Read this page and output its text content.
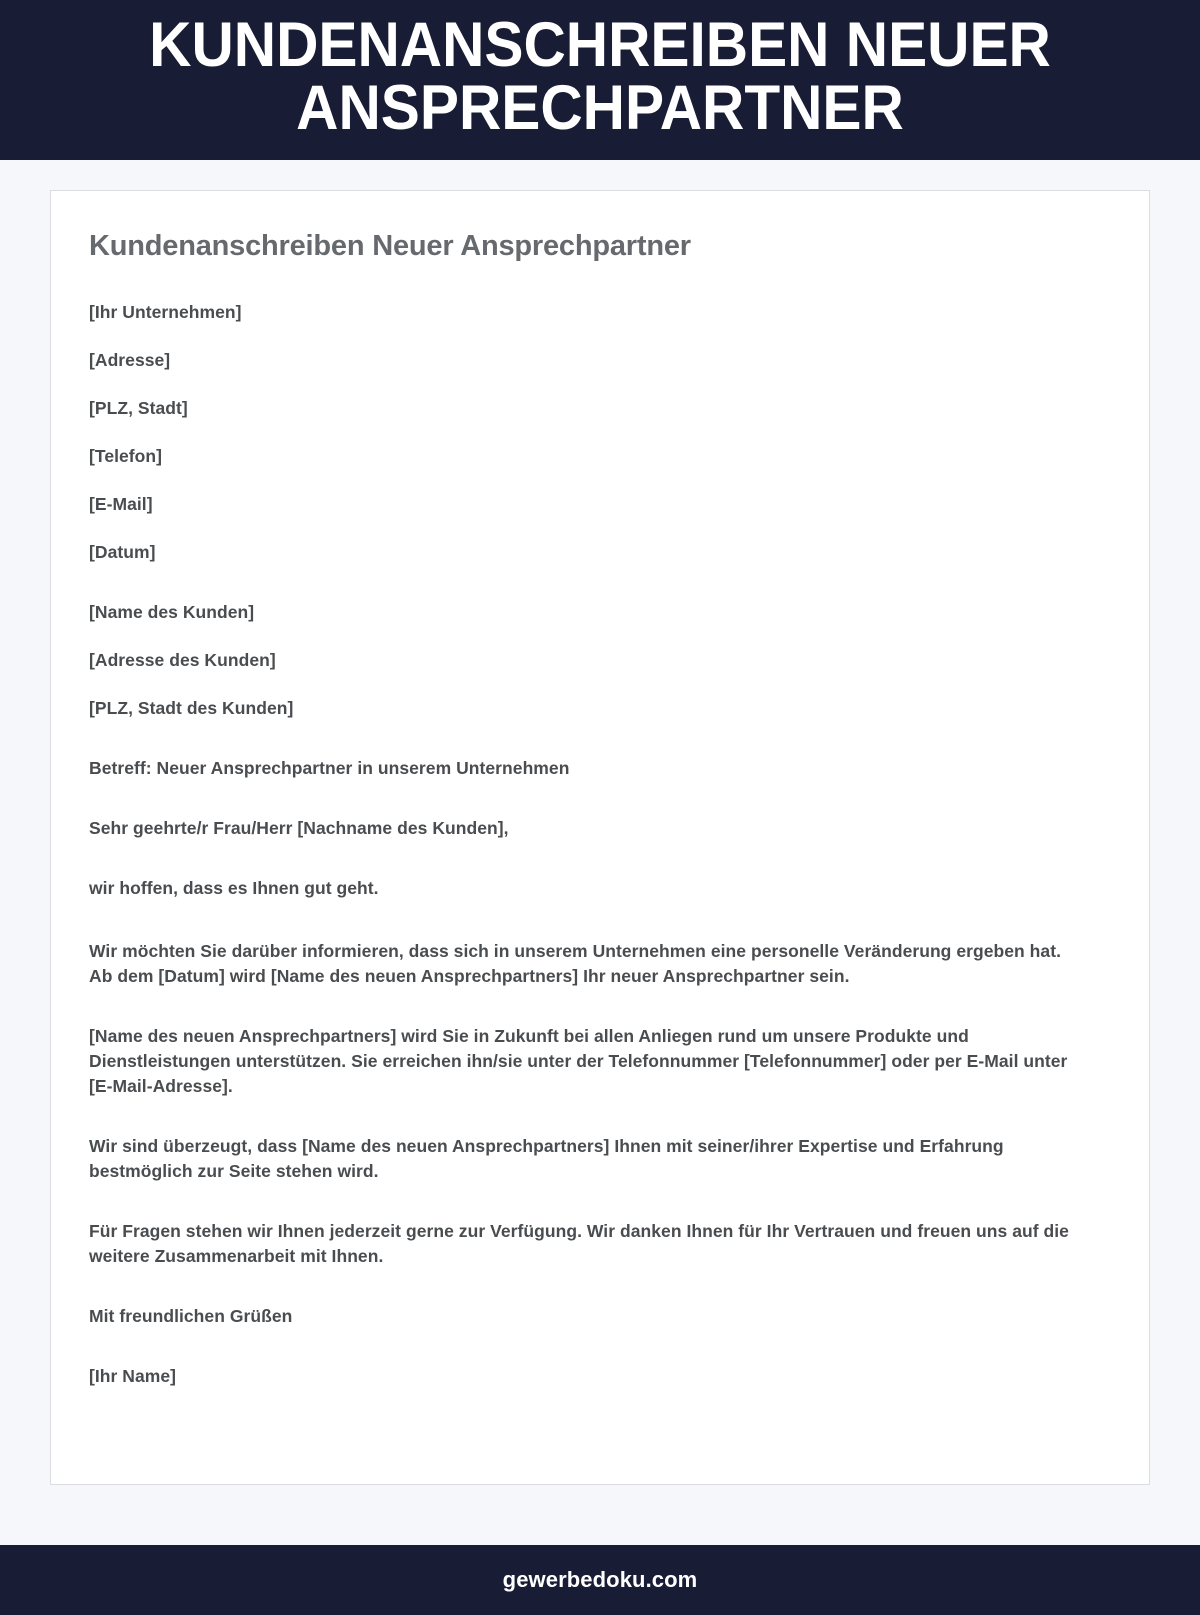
KUNDENANSCHREIBEN NEUER ANSPRECHPARTNER
Kundenanschreiben Neuer Ansprechpartner

[Ihr Unternehmen]

[Adresse]

[PLZ, Stadt]

[Telefon]

[E-Mail]

[Datum]

[Name des Kunden]

[Adresse des Kunden]

[PLZ, Stadt des Kunden]

Betreff: Neuer Ansprechpartner in unserem Unternehmen

Sehr geehrte/r Frau/Herr [Nachname des Kunden],

wir hoffen, dass es Ihnen gut geht.

Wir möchten Sie darüber informieren, dass sich in unserem Unternehmen eine personelle Veränderung ergeben hat. Ab dem [Datum] wird [Name des neuen Ansprechpartners] Ihr neuer Ansprechpartner sein.

[Name des neuen Ansprechpartners] wird Sie in Zukunft bei allen Anliegen rund um unsere Produkte und Dienstleistungen unterstützen. Sie erreichen ihn/sie unter der Telefonnummer [Telefonnummer] oder per E-Mail unter [E-Mail-Adresse].

Wir sind überzeugt, dass [Name des neuen Ansprechpartners] Ihnen mit seiner/ihrer Expertise und Erfahrung bestmöglich zur Seite stehen wird.

Für Fragen stehen wir Ihnen jederzeit gerne zur Verfügung. Wir danken Ihnen für Ihr Vertrauen und freuen uns auf die weitere Zusammenarbeit mit Ihnen.

Mit freundlichen Grüßen

[Ihr Name]

gewerbedoku.com
